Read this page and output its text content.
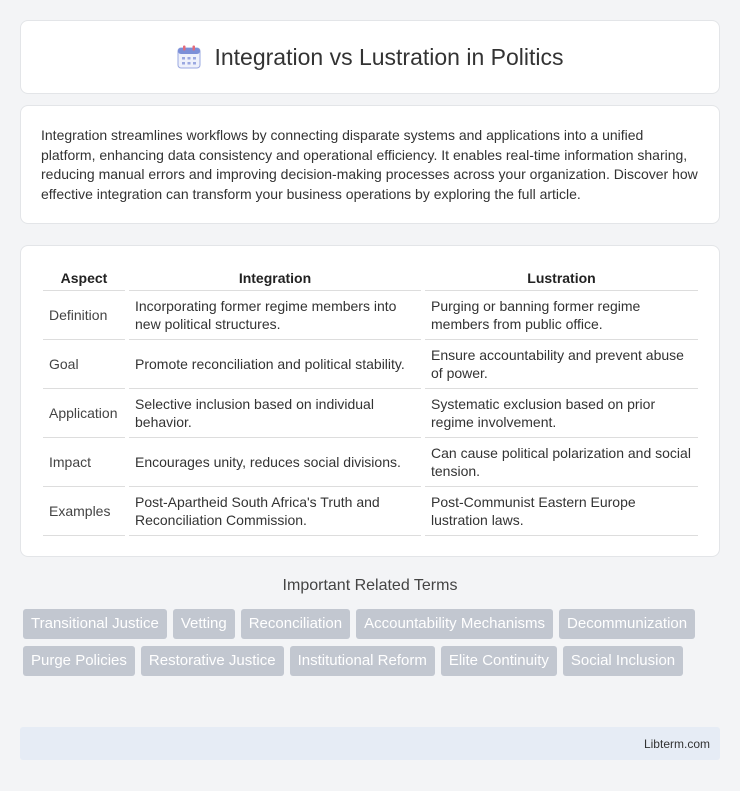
Integration vs Lustration in Politics

Integration streamlines workflows by connecting disparate systems and applications into a unified platform, enhancing data consistency and operational efficiency. It enables real-time information sharing, reducing manual errors and improving decision-making processes across your organization. Discover how effective integration can transform your business operations by exploring the full article.

Aspect		Integration		Lustration
Definition		Incorporating former regime members into new political structures.		Purging or banning former regime members from public office.
Goal		Promote reconciliation and political stability.		Ensure accountability and prevent abuse of power.
Application		Selective inclusion based on individual behavior.		Systematic exclusion based on prior regime involvement.
Impact		Encourages unity, reduces social divisions.		Can cause political polarization and social tension.
Examples		Post-Apartheid South Africa's Truth and Reconciliation Commission.		Post-Communist Eastern Europe lustration laws.
Important Related Terms
Transitional Justice	Vetting	Reconciliation	Accountability Mechanisms	Decommunization
Purge Policies	Restorative Justice	Institutional Reform	Elite Continuity	Social Inclusion
Libterm.com
